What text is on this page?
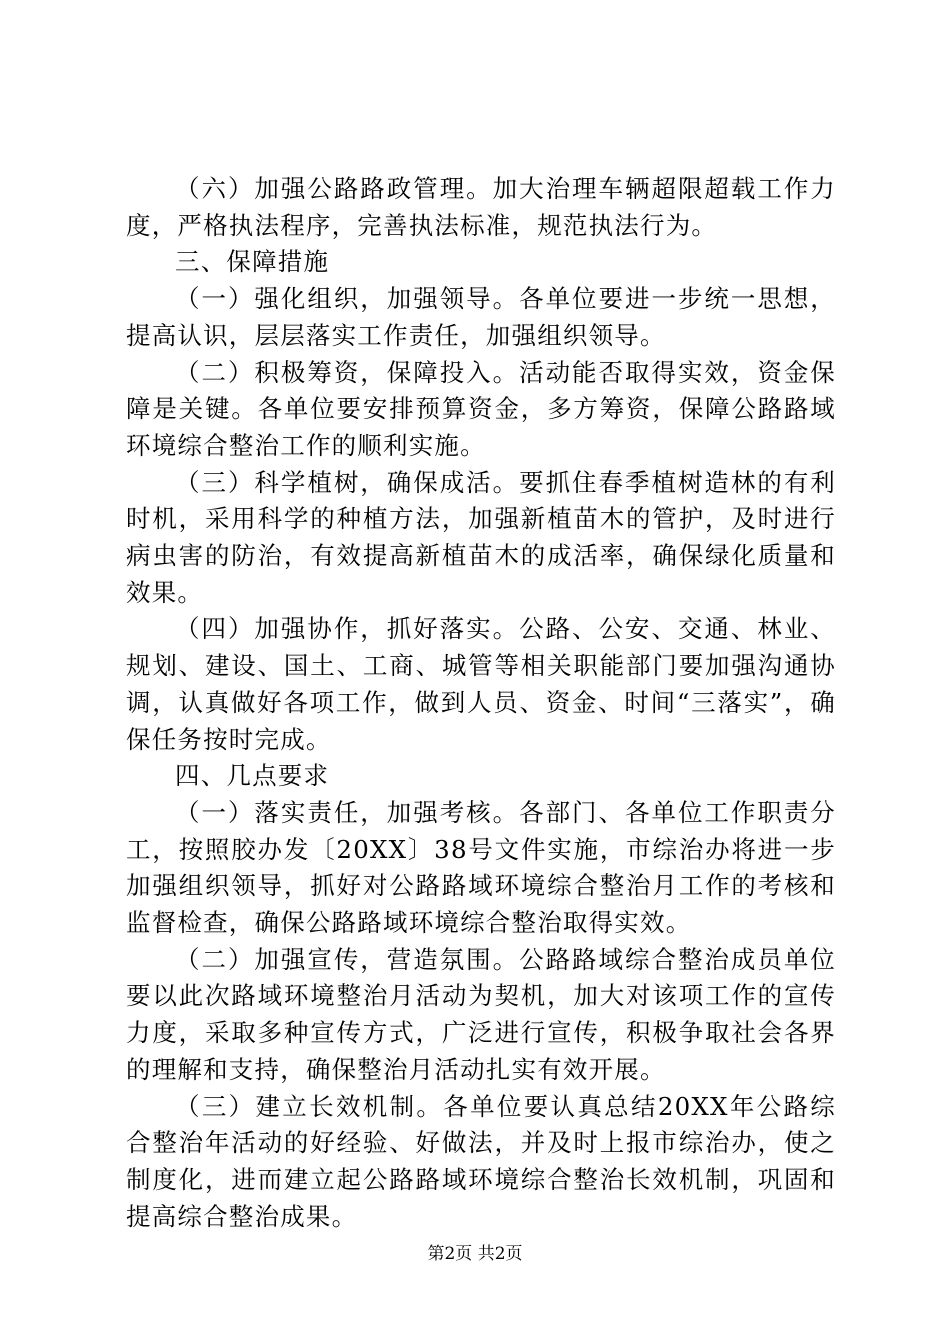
（六）加强公路路政管理。加大治理车辆超限超载工作力度，严格执法程序，完善执法标准，规范执法行为。

三、保障措施

（一）强化组织，加强领导。各单位要进一步统一思想，提高认识，层层落实工作责任，加强组织领导。

（二）积极筹资，保障投入。活动能否取得实效，资金保障是关键。各单位要安排预算资金，多方筹资，保障公路路域环境综合整治工作的顺利实施。

（三）科学植树，确保成活。要抓住春季植树造林的有利时机，采用科学的种植方法，加强新植苗木的管护，及时进行病虫害的防治，有效提高新植苗木的成活率，确保绿化质量和效果。

（四）加强协作，抓好落实。公路、公安、交通、林业、规划、建设、国土、工商、城管等相关职能部门要加强沟通协调，认真做好各项工作，做到人员、资金、时间“三落实”，确保任务按时完成。

四、几点要求

（一）落实责任，加强考核。各部门、各单位工作职责分工，按照胶办发〔20XX〕38号文件实施，市综治办将进一步加强组织领导，抓好对公路路域环境综合整治月工作的考核和监督检查，确保公路路域环境综合整治取得实效。

（二）加强宣传，营造氛围。公路路域综合整治成员单位要以此次路域环境整治月活动为契机，加大对该项工作的宣传力度，采取多种宣传方式，广泛进行宣传，积极争取社会各界的理解和支持，确保整治月活动扎实有效开展。

（三）建立长效机制。各单位要认真总结20XX年公路综合整治年活动的好经验、好做法，并及时上报市综治办，使之制度化，进而建立起公路路域环境综合整治长效机制，巩固和提高综合整治成果。

第2页 共2页
